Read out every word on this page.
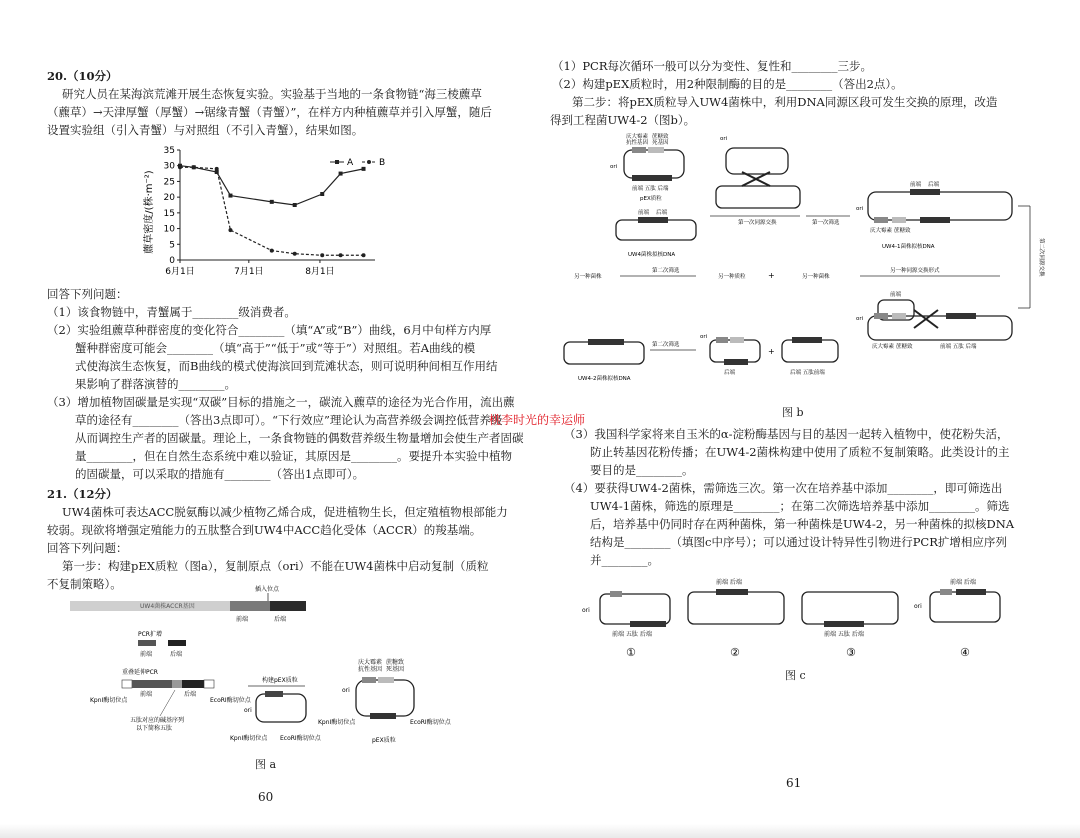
20.（10分）
研究人员在某海滨荒滩开展生态恢复实验。实验基于当地的一条食物链“海三棱藨草
（藨草）→天津厚蟹（厚蟹）→锯缘青蟹（青蟹）”，在样方内种植藨草并引入厚蟹，随后
设置实验组（引入青蟹）与对照组（不引入青蟹），结果如图。
藨草密度/(株·m⁻²)
0
5
10
15
20
25
30
35
6月1日	7月1日	8月1日
A	B
回答下列问题：
（1）该食物链中，青蟹属于________级消费者。
（2）实验组藨草种群密度的变化符合________（填“A”或“B”）曲线，6月中旬样方内厚
蟹种群密度可能会________（填“高于”“低于”或“等于”）对照组。若A曲线的模
式使海滨生态恢复，而B曲线的模式使海滨回到荒滩状态，则可说明种间相互作用结
果影响了群落演替的________。
（3）增加植物固碳量是实现“双碳”目标的措施之一，碳流入藨草的途径为光合作用，流出藨
草的途径有________（答出3点即可）。“下行效应”理论认为高营养级会调控低营养级
从而调控生产者的固碳量。理论上，一条食物链的偶数营养级生物量增加会使生产者固碳
量________，但在自然生态系统中难以验证，其原因是________。要提升本实验中植物
的固碳量，可以采取的措施有________（答出1点即可）。
21.（12分）
UW4菌株可表达ACC脱氨酶以减少植物乙烯合成，促进植物生长，但定殖植物根部能力
较弱。现欲将增强定殖能力的五肽整合到UW4中ACC趋化受体（ACCR）的羧基端。
回答下列问题：
第一步：构建pEX质粒（图a），复制原点（ori）不能在UW4菌株中启动复制（质粒
不复制策略）。	插入位点
UW4菌株ACCR基因
前端	后端
PCR扩增
前端	后端
重叠延伸PCR
KpnⅠ酶切位点	EcoRⅠ酶切位点
前端	后端
五肽对应的碱基序列
以下简称五肽
构建pEX质粒
ori
KpnⅠ酶切位点 EcoRⅠ酶切位点
庆大霉素
抗性基因
蔗糖致
死基因
ori
KpnⅠ酶切位点	EcoRⅠ酶切位点
pEX质粒
图 a
60
（1）PCR每次循环一般可以分为变性、复性和________三步。
（2）构建pEX质粒时，用2种限制酶的目的是________（答出2点）。
第二步：将pEX质粒导入UW4菌株中，利用DNA同源区段可发生交换的原理，改造
得到工程菌UW4-2（图b）。
庆大霉素
抗性基因
蔗糖致
死基因
ori
前端 五肽 后端
pEX质粒
前端 后端
UW4菌株拟核DNA
ori
第一次同源交换	第一次筛选
ori
前端 后端
UW4-1菌株拟核DNA
庆大霉素 蔗糖致
第二次同源交换
另一种菌株
第二次筛选
另一种质粒	+	另一种菌株
另一种同源交换形式
前端
ori
庆大霉素 蔗糖致	前端 五肽 后端
UW4-2菌株拟核DNA
第二次筛选
ori
后端
+
后端 五肽前端
图 b
（3）我国科学家将来自玉米的α-淀粉酶基因与目的基因一起转入植物中，使花粉失活，
防止转基因花粉传播；在UW4-2菌株构建中使用了质粒不复制策略。此类设计的主
要目的是________。
（4）要获得UW4-2菌株，需筛选三次。第一次在培养基中添加________，即可筛选出
UW4-1菌株，筛选的原理是________；在第二次筛选培养基中添加________。筛选
后，培养基中仍同时存在两种菌株，第一种菌株是UW4-2，另一种菌株的拟核DNA
结构是________（填图c中序号）；可以通过设计特异性引物进行PCR扩增相应序列
并________。
ori
前端 五肽 后端
①
前端 后端
②
前端 五肽 后端
③
ori
前端 后端
④
图 c
61
桃李时光的幸运师
